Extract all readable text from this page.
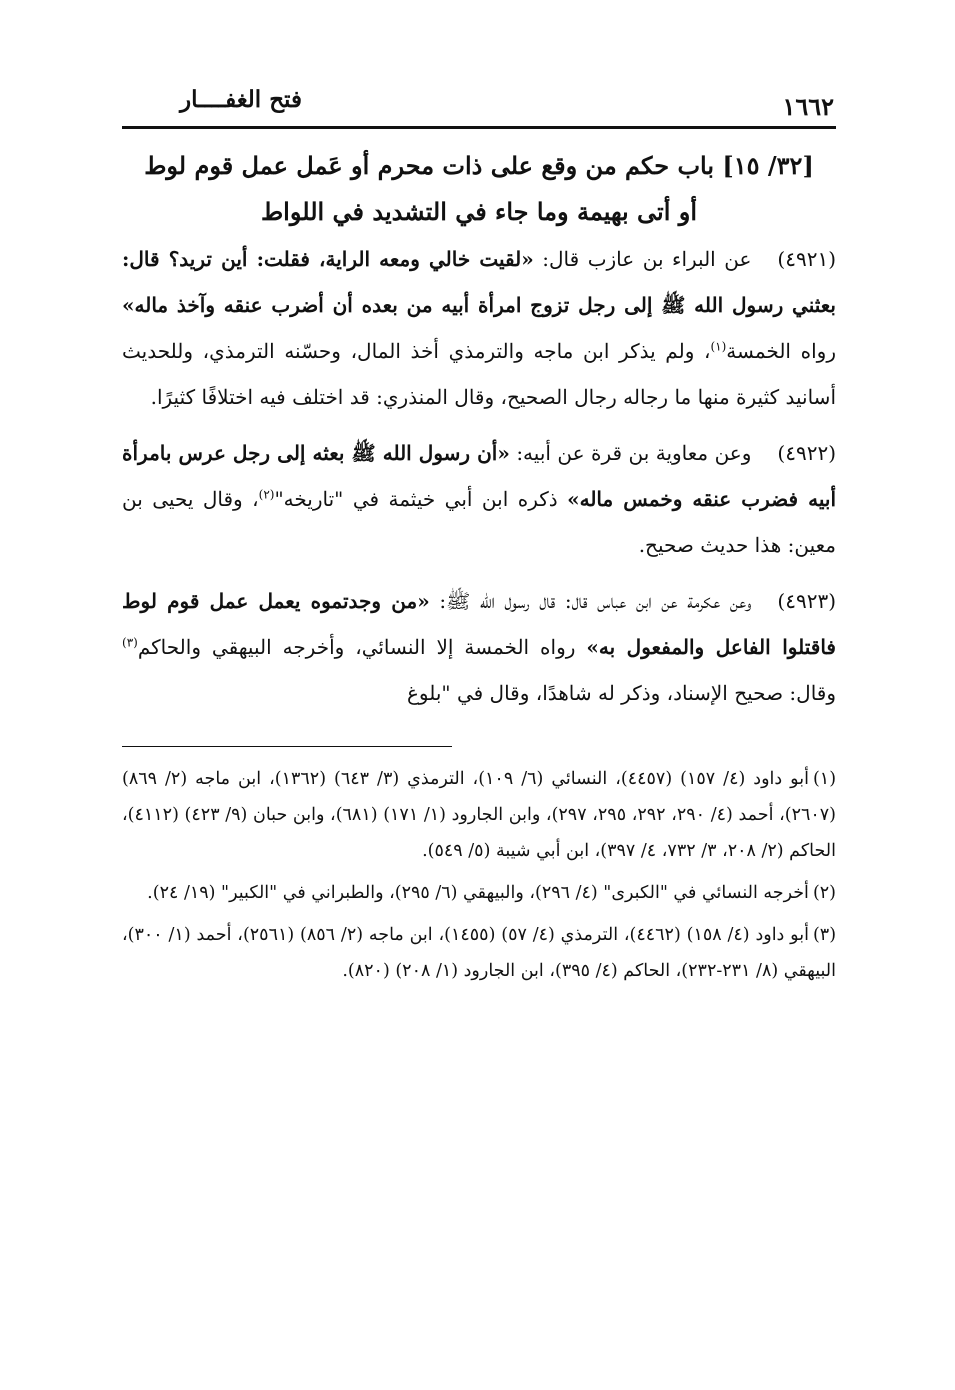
١٦٦٢
فتح الغفــــار
[٣٢/ ١٥] باب حكم من وقع على ذات محرم أو عَمل عمل قوم لوط
أو أتى بهيمة وما جاء في التشديد في اللواط

(٤٩٢١)عن البراء بن عازب قال: «لقيت خالي ومعه الراية، فقلت: أين تريد؟ قال: بعثني رسول الله ﷺ إلى رجل تزوج امرأة أبيه من بعده أن أضرب عنقه وآخذ ماله» رواه الخمسة$^{(١)}$، ولم يذكر ابن ماجه والترمذي أخذ المال، وحسّنه الترمذي، وللحديث أسانيد كثيرة منها ما رجاله رجال الصحيح، وقال المنذري: قد اختلف فيه اختلافًا كثيرًا.

(٤٩٢٢)وعن معاوية بن قرة عن أبيه: «أن رسول الله ﷺ بعثه إلى رجل عرس بامرأة أبيه فضرب عنقه وخمس ماله» ذكره ابن أبي خيثمة في "تاريخه"$^{(٢)}$، وقال يحيى بن معين: هذا حديث صحيح.

(٤٩٢٣)وعن عكرمة عن ابن عباس قال: قال رسول الله ﷺ: «من وجدتموه يعمل عمل قوم لوط فاقتلوا الفاعل والمفعول به» رواه الخمسة إلا النسائي، وأخرجه البيهقي والحاكم$^{(٣)}$ وقال: صحيح الإسناد، وذكر له شاهدًا، وقال في "بلوغ

(١)أبو داود (٤/ ١٥٧) (٤٤٥٧)، النسائي (٦/ ١٠٩)، الترمذي (٣/ ٦٤٣) (١٣٦٢)، ابن ماجه (٢/ ٨٦٩) (٢٦٠٧)، أحمد (٤/ ٢٩٠، ٢٩٢، ٢٩٥، ٢٩٧)، وابن الجارود (١/ ١٧١) (٦٨١)، وابن حبان (٩/ ٤٢٣) (٤١١٢)، الحاكم (٢/ ٢٠٨، ٣/ ٧٣٢، ٤/ ٣٩٧)، ابن أبي شيبة (٥/ ٥٤٩).

(٢)أخرجه النسائي في "الكبرى" (٤/ ٢٩٦)، والبيهقي (٦/ ٢٩٥)، والطبراني في "الكبير" (١٩/ ٢٤).

(٣)أبو داود (٤/ ١٥٨) (٤٤٦٢)، الترمذي (٤/ ٥٧) (١٤٥٥)، ابن ماجه (٢/ ٨٥٦) (٢٥٦١)، أحمد (١/ ٣٠٠)، البيهقي (٨/ ٢٣١-٢٣٢)، الحاكم (٤/ ٣٩٥)، ابن الجارود (١/ ٢٠٨) (٨٢٠).
